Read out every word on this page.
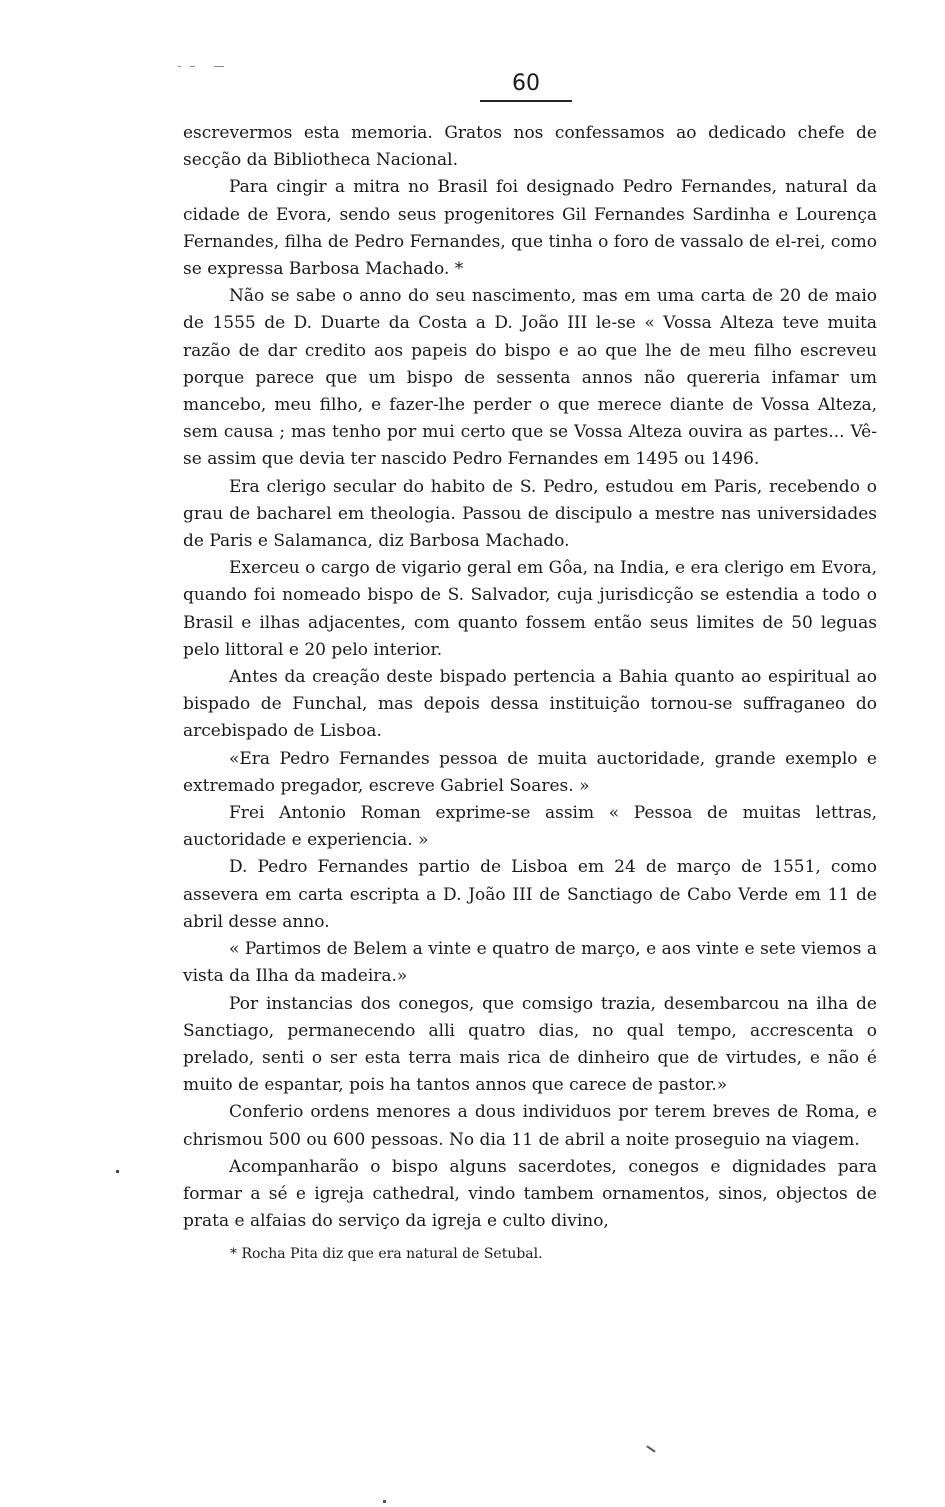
60

escrevermos esta memoria. Gratos nos confessamos ao dedicado chefe de secção da Bibliotheca Nacional.

Para cingir a mitra no Brasil foi designado Pedro Fernandes, natural da cidade de Evora, sendo seus progenitores Gil Fernandes Sardinha e Lourença Fernandes, filha de Pedro Fernandes, que tinha o foro de vassalo de el-rei, como se expressa Barbosa Machado. *

Não se sabe o anno do seu nascimento, mas em uma carta de 20 de maio de 1555 de D. Duarte da Costa a D. João III le-se « Vossa Alteza teve muita razão de dar credito aos papeis do bispo e ao que lhe de meu filho escreveu porque parece que um bispo de sessenta annos não quereria infamar um mancebo, meu filho, e fazer-lhe perder o que merece diante de Vossa Alteza, sem causa ; mas tenho por mui certo que se Vossa Alteza ouvira as partes... Vê-se assim que devia ter nascido Pedro Fernandes em 1495 ou 1496.

Era clerigo secular do habito de S. Pedro, estudou em Paris, recebendo o grau de bacharel em theologia. Passou de discipulo a mestre nas universidades de Paris e Salamanca, diz Barbosa Machado.

Exerceu o cargo de vigario geral em Gôa, na India, e era clerigo em Evora, quando foi nomeado bispo de S. Salvador, cuja jurisdicção se estendia a todo o Brasil e ilhas adjacentes, com quanto fossem então seus limites de 50 leguas pelo littoral e 20 pelo interior.

Antes da creação deste bispado pertencia a Bahia quanto ao espiritual ao bispado de Funchal, mas depois dessa instituição tornou-se suffraganeo do arcebispado de Lisboa.

«Era Pedro Fernandes pessoa de muita auctoridade, grande exemplo e extremado pregador, escreve Gabriel Soares. »

Frei Antonio Roman exprime-se assim « Pessoa de muitas lettras, auctoridade e experiencia. »

D. Pedro Fernandes partio de Lisboa em 24 de março de 1551, como assevera em carta escripta a D. João III de Sanctiago de Cabo Verde em 11 de abril desse anno.

« Partimos de Belem a vinte e quatro de março, e aos vinte e sete viemos a vista da Ilha da madeira.»

Por instancias dos conegos, que comsigo trazia, desembarcou na ilha de Sanctiago, permanecendo alli quatro dias, no qual tempo, accrescenta o prelado, senti o ser esta terra mais rica de dinheiro que de virtudes, e não é muito de espantar, pois ha tantos annos que carece de pastor.»

Conferio ordens menores a dous individuos por terem breves de Roma, e chrismou 500 ou 600 pessoas. No dia 11 de abril a noite proseguio na viagem.

Acompanharão o bispo alguns sacerdotes, conegos e dignidades para formar a sé e igreja cathedral, vindo tambem ornamentos, sinos, objectos de prata e alfaias do serviço da igreja e culto divino,

* Rocha Pita diz que era natural de Setubal.
